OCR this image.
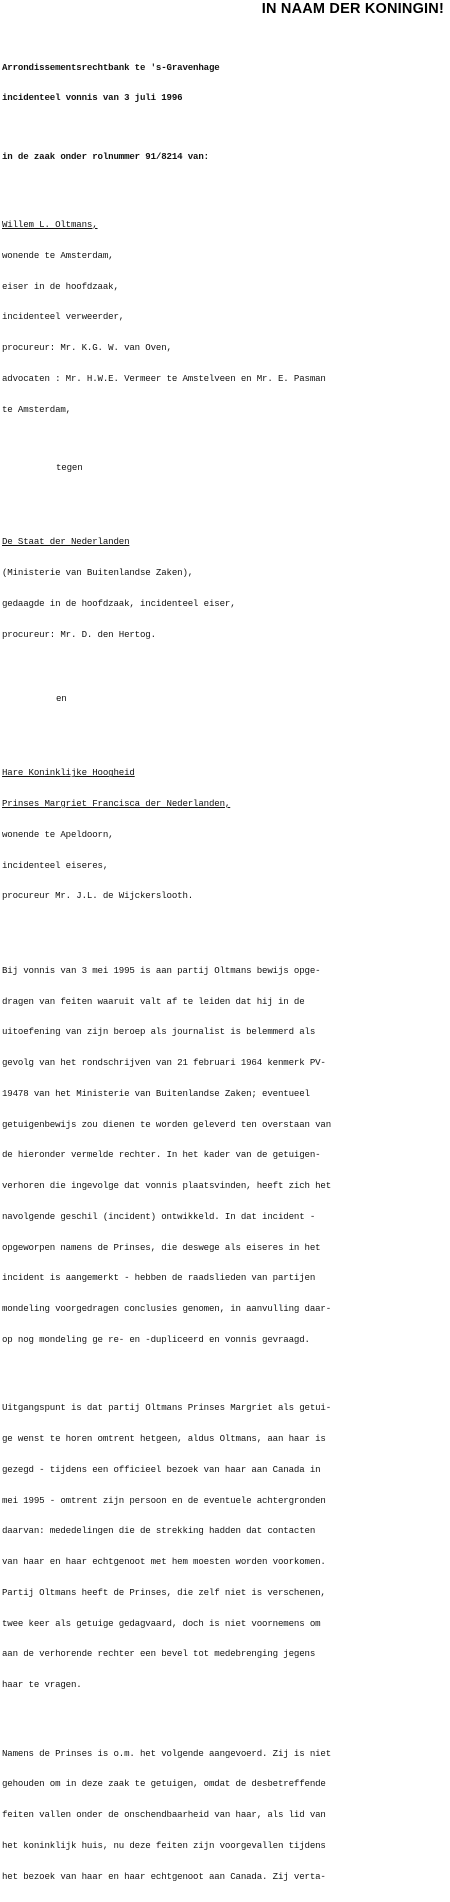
IN NAAM DER KONINGIN!

Arrondissementsrechtbank te 's-Gravenhage

incidenteel vonnis van 3 juli 1996

in de zaak onder rolnummer 91/8214 van:

Willem L. Oltmans,

wonende te Amsterdam,

eiser in de hoofdzaak,

incidenteel verweerder,

procureur: Mr. K.G. W. van Oven,

advocaten : Mr. H.W.E. Vermeer te Amstelveen en Mr. E. Pasman

te Amsterdam,

tegen

De Staat der Nederlanden

(Ministerie van Buitenlandse Zaken),

gedaagde in de hoofdzaak, incidenteel eiser,

procureur: Mr. D. den Hertog.

en

Hare Koninklijke Hoogheid

Prinses Margriet Francisca der Nederlanden,

wonende te Apeldoorn,

incidenteel eiseres,

procureur Mr. J.L. de Wijckerslooth.

Bij vonnis van 3 mei 1995 is aan partij Oltmans bewijs opge-

dragen van feiten waaruit valt af te leiden dat hij in de

uitoefening van zijn beroep als journalist is belemmerd als

gevolg van het rondschrijven van 21 februari 1964 kenmerk PV-

19478 van het Ministerie van Buitenlandse Zaken; eventueel

getuigenbewijs zou dienen te worden geleverd ten overstaan van

de hieronder vermelde rechter. In het kader van de getuigen-

verhoren die ingevolge dat vonnis plaatsvinden, heeft zich het

navolgende geschil (incident) ontwikkeld. In dat incident -

opgeworpen namens de Prinses, die deswege als eiseres in het

incident is aangemerkt - hebben de raadslieden van partijen

mondeling voorgedragen conclusies genomen, in aanvulling daar-

op nog mondeling ge re- en -dupliceerd en vonnis gevraagd.

Uitgangspunt is dat partij Oltmans Prinses Margriet als getui-

ge wenst te horen omtrent hetgeen, aldus Oltmans, aan haar is

gezegd - tijdens een officieel bezoek van haar aan Canada in

mei 1995 - omtrent zijn persoon en de eventuele achtergronden

daarvan: mededelingen die de strekking hadden dat contacten

van haar en haar echtgenoot met hem moesten worden voorkomen.

Partij Oltmans heeft de Prinses, die zelf niet is verschenen,

twee keer als getuige gedagvaard, doch is niet voornemens om

aan de verhorende rechter een bevel tot medebrenging jegens

haar te vragen.

Namens de Prinses is o.m. het volgende aangevoerd. Zij is niet

gehouden om in deze zaak te getuigen, omdat de desbetreffende

feiten vallen onder de onschendbaarheid van haar, als lid van

het koninklijk huis, nu deze feiten zijn voorgevallen tijdens

het bezoek van haar en haar echtgenoot aan Canada. Zij verta-
